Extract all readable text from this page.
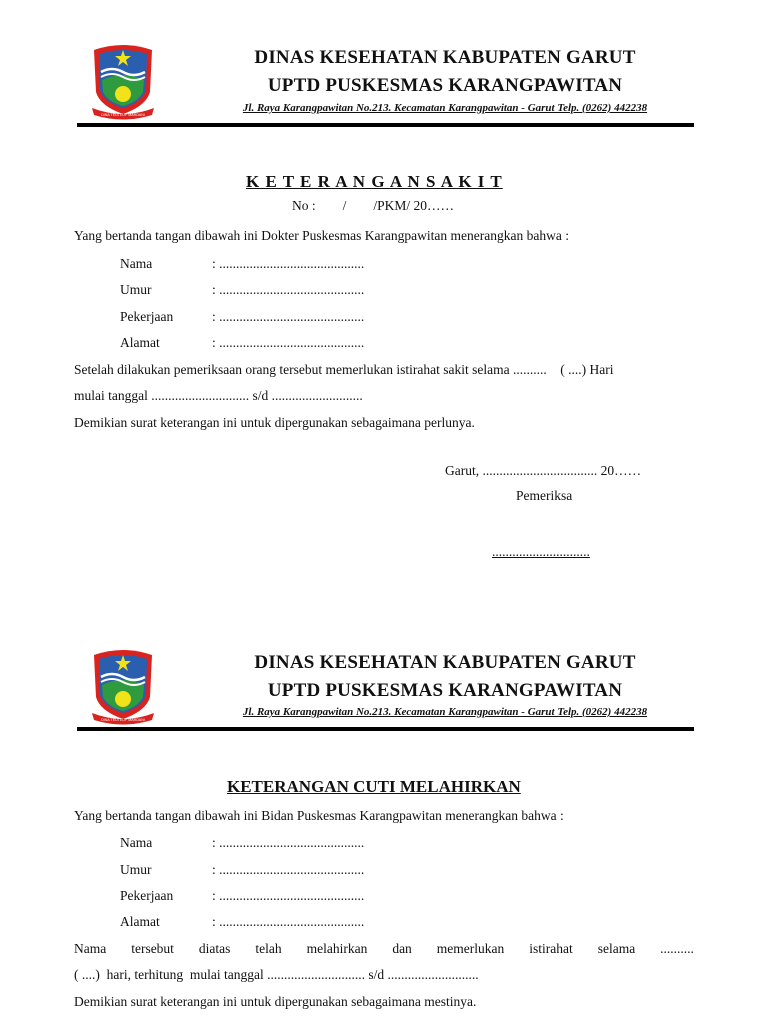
DINA TEUTEUP MARDANI
DINAS KESEHATAN KABUPATEN GARUT
UPTD PUSKESMAS KARANGPAWITAN
Jl. Raya Karangpawitan No.213. Kecamatan Karangpawitan - Garut Telp. (0262) 442238
K E T E R A N G A N S A K I T
No :        /        /PKM/ 20……
Yang bertanda tangan dibawah ini Dokter Puskesmas Karangpawitan menerangkan bahwa :
Nama	: ...........................................
Umur	: ...........................................
Pekerjaan	: ...........................................
Alamat	: ...........................................
Setelah dilakukan pemeriksaan orang tersebut memerlukan istirahat sakit selama ..........    ( ....) Hari
mulai tanggal ............................. s/d ...........................
Demikian surat keterangan ini untuk dipergunakan sebagaimana perlunya.
Garut, .................................. 20……
Pemeriksa
.............................
DINA TEUTEUP MARDANI
DINAS KESEHATAN KABUPATEN GARUT
UPTD PUSKESMAS KARANGPAWITAN
Jl. Raya Karangpawitan No.213. Kecamatan Karangpawitan - Garut Telp. (0262) 442238
KETERANGAN CUTI MELAHIRKAN
Yang bertanda tangan dibawah ini Bidan Puskesmas Karangpawitan menerangkan bahwa :
Nama	: ...........................................
Umur	: ...........................................
Pekerjaan	: ...........................................
Alamat	: ...........................................
Nama tersebut diatas telah melahirkan dan memerlukan istirahat selama ..........
( ....)  hari, terhitung  mulai tanggal ............................. s/d ...........................
Demikian surat keterangan ini untuk dipergunakan sebagaimana mestinya.
